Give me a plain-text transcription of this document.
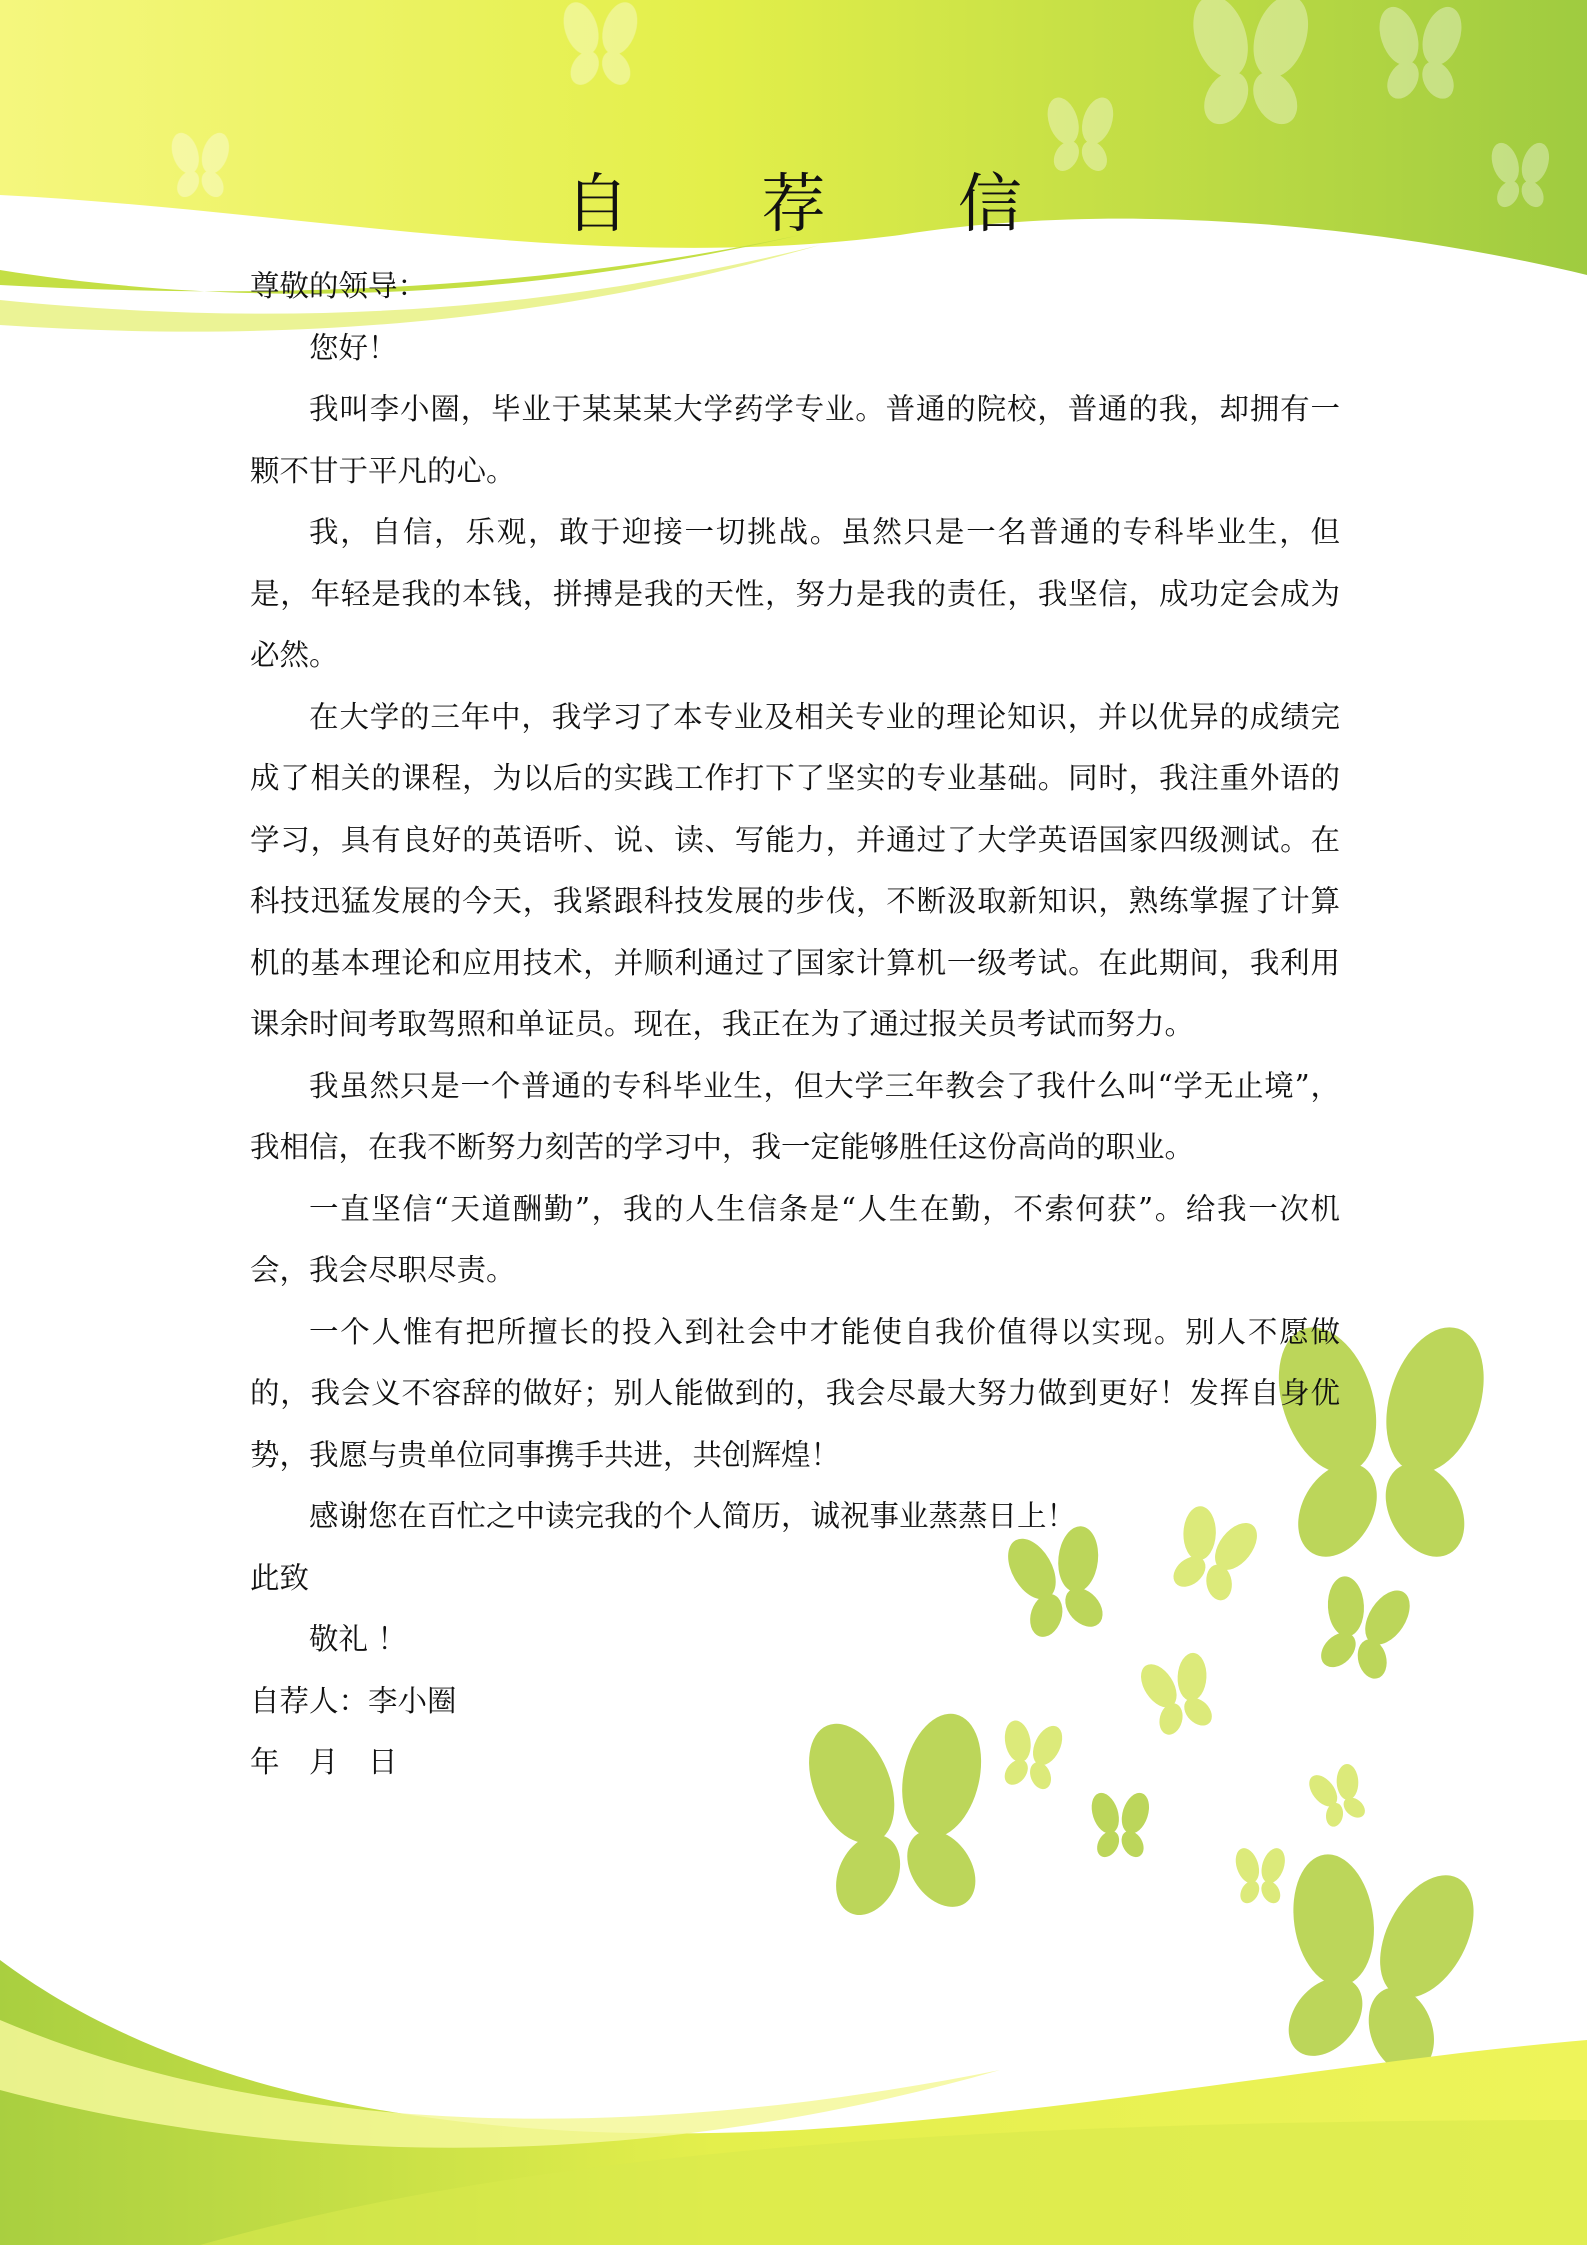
自 荐 信

尊敬的领导：

您好！

我叫李小圈，毕业于某某某大学药学专业。普通的院校，普通的我，却拥有一颗不甘于平凡的心。

我，自信，乐观，敢于迎接一切挑战。虽然只是一名普通的专科毕业生，但是，年轻是我的本钱，拼搏是我的天性，努力是我的责任，我坚信，成功定会成为必然。

在大学的三年中，我学习了本专业及相关专业的理论知识，并以优异的成绩完成了相关的课程，为以后的实践工作打下了坚实的专业基础。同时，我注重外语的学习，具有良好的英语听、说、读、写能力，并通过了大学英语国家四级测试。在科技迅猛发展的今天，我紧跟科技发展的步伐，不断汲取新知识，熟练掌握了计算机的基本理论和应用技术，并顺利通过了国家计算机一级考试。在此期间，我利用课余时间考取驾照和单证员。现在，我正在为了通过报关员考试而努力。

我虽然只是一个普通的专科毕业生，但大学三年教会了我什么叫“学无止境”，我相信，在我不断努力刻苦的学习中，我一定能够胜任这份高尚的职业。

一直坚信“天道酬勤”，我的人生信条是“人生在勤，不索何获”。给我一次机会，我会尽职尽责。

一个人惟有把所擅长的投入到社会中才能使自我价值得以实现。别人不愿做的，我会义不容辞的做好；别人能做到的，我会尽最大努力做到更好！发挥自身优势，我愿与贵单位同事携手共进，共创辉煌！

感谢您在百忙之中读完我的个人简历，诚祝事业蒸蒸日上！

此致

敬礼 ！

自荐人：李小圈

年　月　日
